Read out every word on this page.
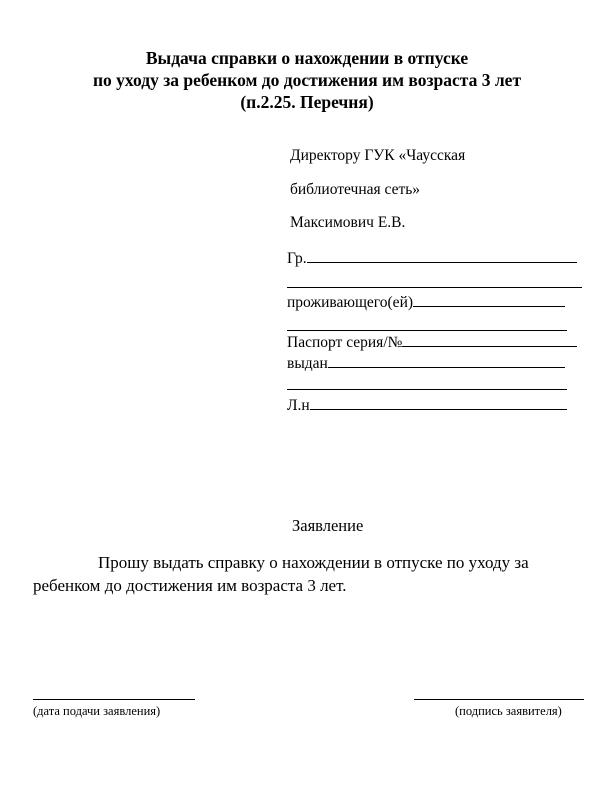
Выдача справки о нахождении в отпуске
по уходу за ребенком до достижения им возраста 3 лет
(п.2.25. Перечня)
Директору ГУК «Чаусская
библиотечная сеть»
Максимович Е.В.
Гр.
проживающего(ей)
Паспорт серия/№
выдан
Л.н
Заявление
Прошу выдать справку о нахождении в отпуске по уходу за
ребенком до достижения им возраста 3 лет.
(дата подачи заявления)	(подпись заявителя)
